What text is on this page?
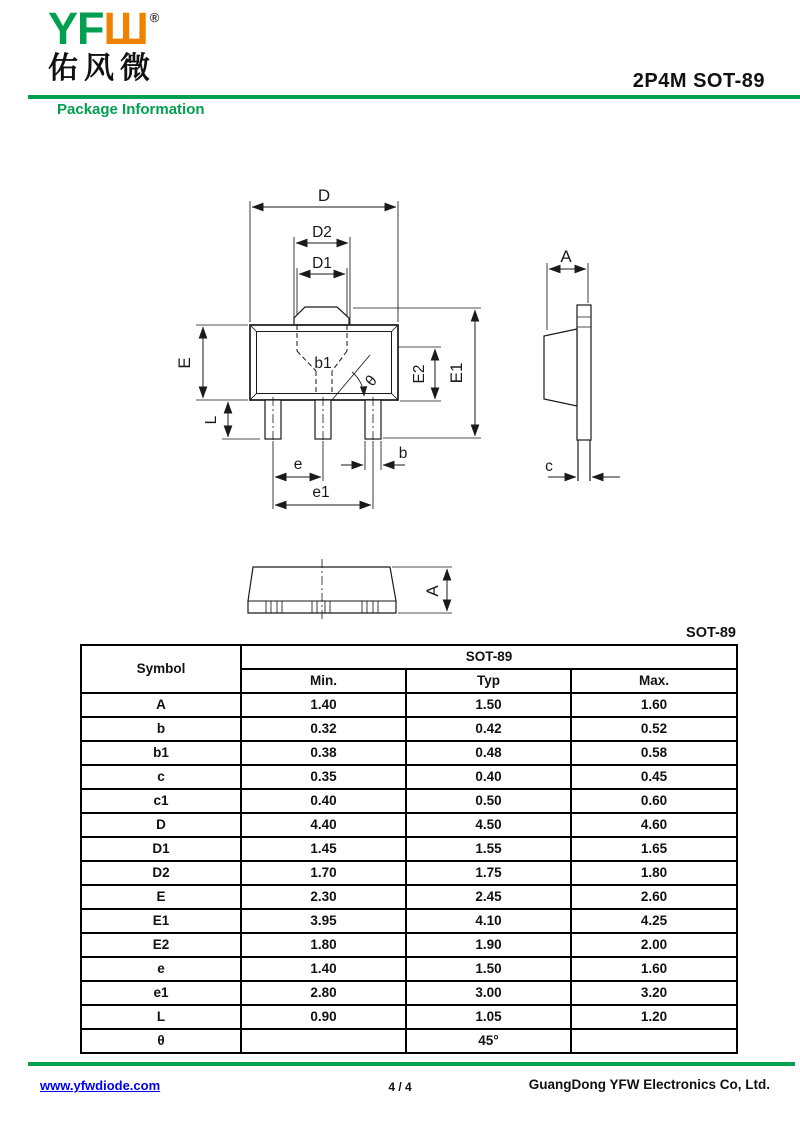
YFШ ®
佑风微	2P4M SOT-89
Package Information
D
D2
D1
E
L
b1
θ E2 E1
e
b
e1
A
c
A
SOT-89
Symbol	SOT-89		
	Min.	Typ	Max.
A	1.40	1.50	1.60
b	0.32	0.42	0.52
b1	0.38	0.48	0.58
c	0.35	0.40	0.45
c1	0.40	0.50	0.60
D	4.40	4.50	4.60
D1	1.45	1.55	1.65
D2	1.70	1.75	1.80
E	2.30	2.45	2.60
E1	3.95	4.10	4.25
E2	1.80	1.90	2.00
e	1.40	1.50	1.60
e1	2.80	3.00	3.20
L	0.90	1.05	1.20
θ		45°	
www.yfwdiode.com	4 / 4	GuangDong YFW Electronics Co, Ltd.
